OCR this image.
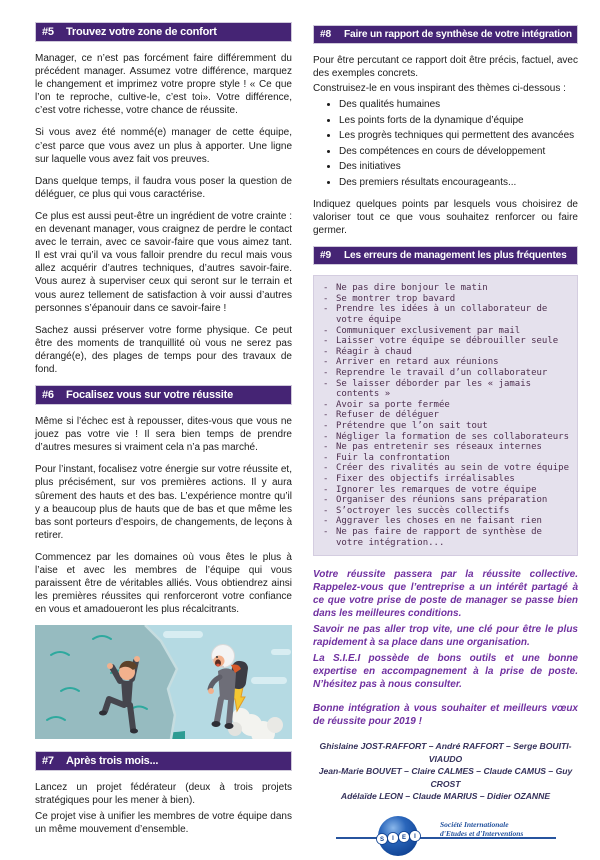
#5	Trouvez votre zone de confort

Manager, ce n’est pas forcément faire différemment du précédent manager. Assumez votre différence, marquez le changement et imprimez votre propre style ! « Ce que l’on te reproche, cultive-le, c’est toi». Votre différence, c’est votre richesse, votre chance de réussite.

Si vous avez été nommé(e) manager de cette équipe, c’est parce que vous avez un plus à apporter. Une ligne sur laquelle vous avez fait vos preuves.

Dans quelque temps, il faudra vous poser la question de déléguer, ce plus qui vous caractérise.

Ce plus est aussi peut-être un ingrédient de votre crainte : en devenant manager, vous craignez de perdre le contact avec le terrain, avec ce savoir-faire que vous aimez tant. Il est vrai qu’il va vous falloir prendre du recul mais vous allez acquérir d’autres techniques, d’autres savoir-faire. Vous aurez à superviser ceux qui seront sur le terrain et vous aurez tellement de satisfaction à voir aussi d’autres personnes s’épanouir dans ce savoir-faire !

Sachez aussi préserver votre forme physique. Ce peut être des moments de tranquillité où vous ne serez pas dérangé(e), des plages de temps pour des travaux de fond.

#6	Focalisez vous sur votre réussite

Même si l’échec est à repousser, dites-vous que vous ne jouez pas votre vie ! Il sera bien temps de prendre d’autres mesures si vraiment cela n’a pas marché.

Pour l’instant, focalisez votre énergie sur votre réussite et, plus précisément, sur vos premières actions. Il y aura sûrement des hauts et des bas. L’expérience montre qu’il y a beaucoup plus de hauts que de bas et que même les bas sont porteurs d’espoirs, de changements, de leçons à retirer.

Commencez par les domaines où vous êtes le plus à l’aise et avec les membres de l’équipe qui vous paraissent être de véritables alliés. Vous obtiendrez ainsi les premières réussites qui renforceront votre confiance en vous et amadoueront les plus récalcitrants.

#7	Après trois mois...

Lancez un projet fédérateur (deux à trois projets stratégiques pour les mener à bien).

Ce projet vise à unifier les membres de votre équipe dans un même mouvement d’ensemble.

#8	Faire un rapport de synthèse de votre intégration

Pour être percutant ce rapport doit être précis, factuel, avec des exemples concrets.

Construisez-le en vous inspirant des thèmes ci-dessous :

• Des qualités humaines
• Les points forts de la dynamique d’équipe
• Les progrès techniques qui permettent des avancées
• Des compétences en cours de développement
• Des initiatives
• Des premiers résultats encourageants...

Indiquez quelques points par lesquels vous choisirez de valoriser tout ce que vous souhaitez renforcer ou faire germer.

#9	Les erreurs de management les plus fréquentes
- Ne pas dire bonjour le matin
- Se montrer trop bavard
- Prendre les idées à un collaborateur de votre équipe
- Communiquer exclusivement par mail
- Laisser votre équipe se débrouiller seule
- Réagir à chaud
- Arriver en retard aux réunions
- Reprendre le travail d’un collaborateur
- Se laisser déborder par les « jamais contents »
- Avoir sa porte fermée
- Refuser de déléguer
- Prétendre que l’on sait tout
- Négliger la formation de ses collaborateurs
- Ne pas entretenir ses réseaux internes
- Fuir la confrontation
- Créer des rivalités au sein de votre équipe
- Fixer des objectifs irréalisables
- Ignorer les remarques de votre équipe
- Organiser des réunions sans préparation
- S’octroyer les succès collectifs
- Aggraver les choses en ne faisant rien
- Ne pas faire de rapport de synthèse de votre intégration...

Votre réussite passera par la réussite collective. Rappelez-vous que l’entreprise a un intérêt partagé à ce que votre prise de poste de manager se passe bien dans les meilleures conditions.

Savoir ne pas aller trop vite, une clé pour être le plus rapidement à sa place dans une organisation.

La S.I.E.I possède de bons outils et une bonne expertise en accompagnement à la prise de poste. N’hésitez pas à nous consulter.

Bonne intégration à vous souhaiter et meilleurs vœux de réussite pour 2019 !

Ghislaine JOST-RAFFORT – André RAFFORT – Serge BOUITI-VIAUDO
Jean-Marie BOUVET – Claire CALMES – Claude CAMUS – Guy CROST
Adélaïde LEON – Claude MARIUS – Didier OZANNE
S I E I
Société Internationale
d'Etudes et d'Interventions
